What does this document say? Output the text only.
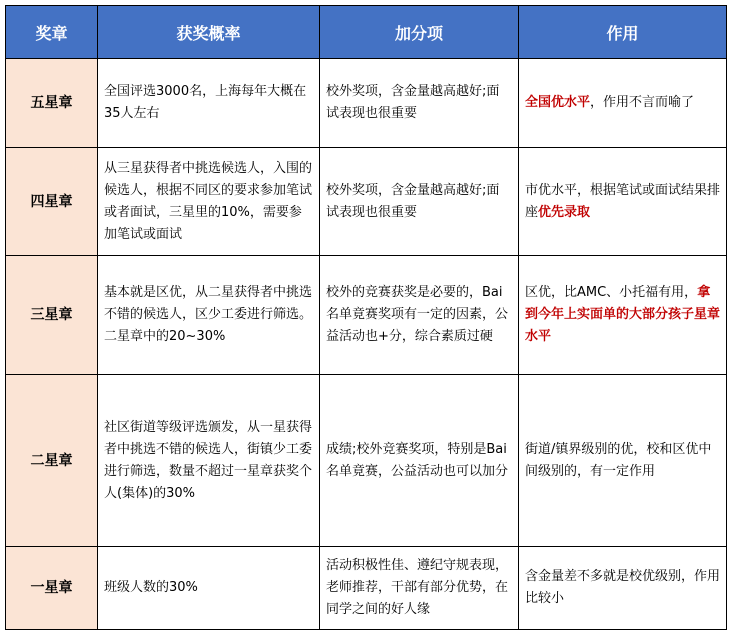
奖章	获奖概率	加分项	作用
五星章	全国评选3000名，上海每年大概在35人左右	校外奖项，含金量越高越好;面试表现也很重要	全国优水平，作用不言而喻了
四星章	从三星获得者中挑选候选人，入围的候选人，根据不同区的要求参加笔试或者面试，三星里的10%，需要参加笔试或面试	校外奖项，含金量越高越好;面试表现也很重要	市优水平，根据笔试或面试结果排座优先录取
三星章	基本就是区优，从二星获得者中挑选不错的候选人，区少工委进行筛选。二星章中的20~30%	校外的竞赛获奖是必要的，Bai名单竟赛奖项有一定的因素，公益活动也+分，综合素质过硬	区优，比AMC、小托福有用，拿到今年上实面单的大部分孩子星章水平
二星章	社区街道等级评选颁发，从一星获得者中挑选不错的候选人，街镇少工委进行筛选，数量不超过一星章获奖个人(集体)的30%	成绩;校外竞赛奖项，特别是Bai名单竟赛，公益活动也可以加分	街道/镇界级别的优，校和区优中间级别的，有一定作用
一星章	班级人数的30%	活动积极性佳、遵纪守规表现，老师推荐，干部有部分优势，在同学之间的好人缘	含金量差不多就是校优级别，作用比较小
